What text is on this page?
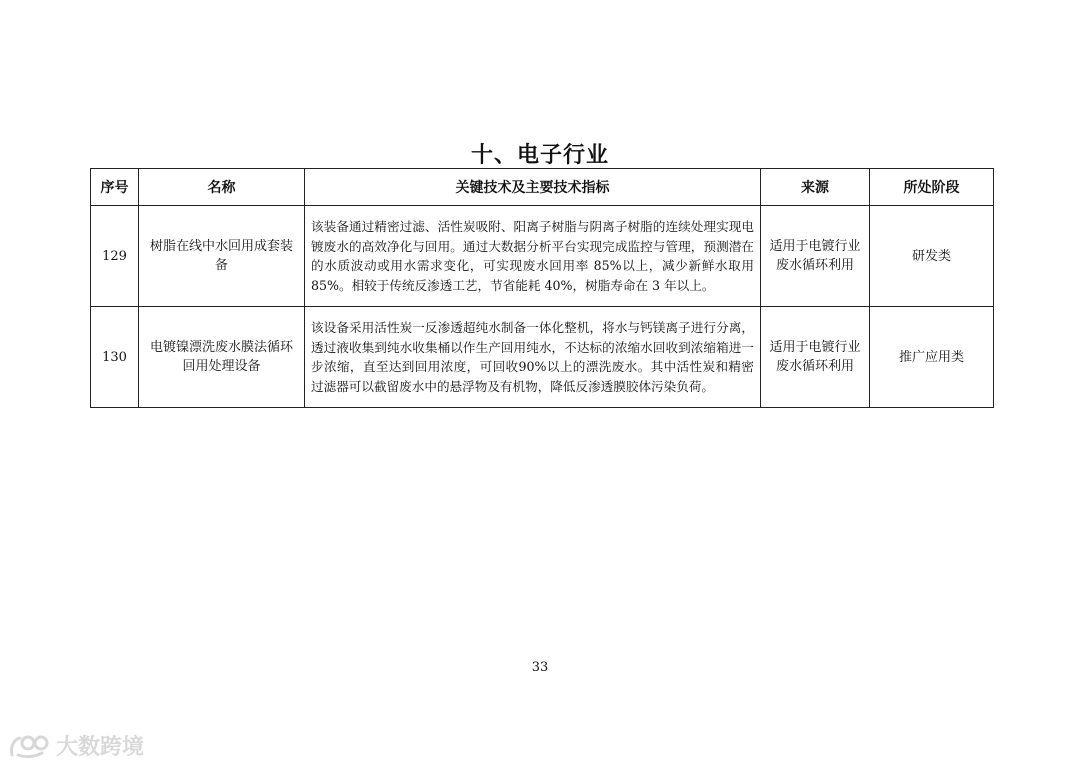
十、电子行业
序号	名称	关键技术及主要技术指标	来源	所处阶段
129	树脂在线中水回用成套装备	该装备通过精密过滤、活性炭吸附、阳离子树脂与阴离子树脂的连续处理实现电镀废水的高效净化与回用。通过大数据分析平台实现完成监控与管理，预测潜在的水质波动或用水需求变化，可实现废水回用率 85%以上，减少新鲜水取用 85%。相较于传统反渗透工艺，节省能耗 40%，树脂寿命在 3 年以上。	适用于电镀行业废水循环利用	研发类
130	电镀镍漂洗废水膜法循环回用处理设备	该设备采用活性炭一反渗透超纯水制备一体化整机，将水与钙镁离子进行分离，透过液收集到纯水收集桶以作生产回用纯水，不达标的浓缩水回收到浓缩箱进一步浓缩，直至达到回用浓度，可回收90%以上的漂洗废水。其中活性炭和精密过滤器可以截留废水中的悬浮物及有机物，降低反渗透膜胶体污染负荷。	适用于电镀行业废水循环利用	推广应用类
33
大数跨境
